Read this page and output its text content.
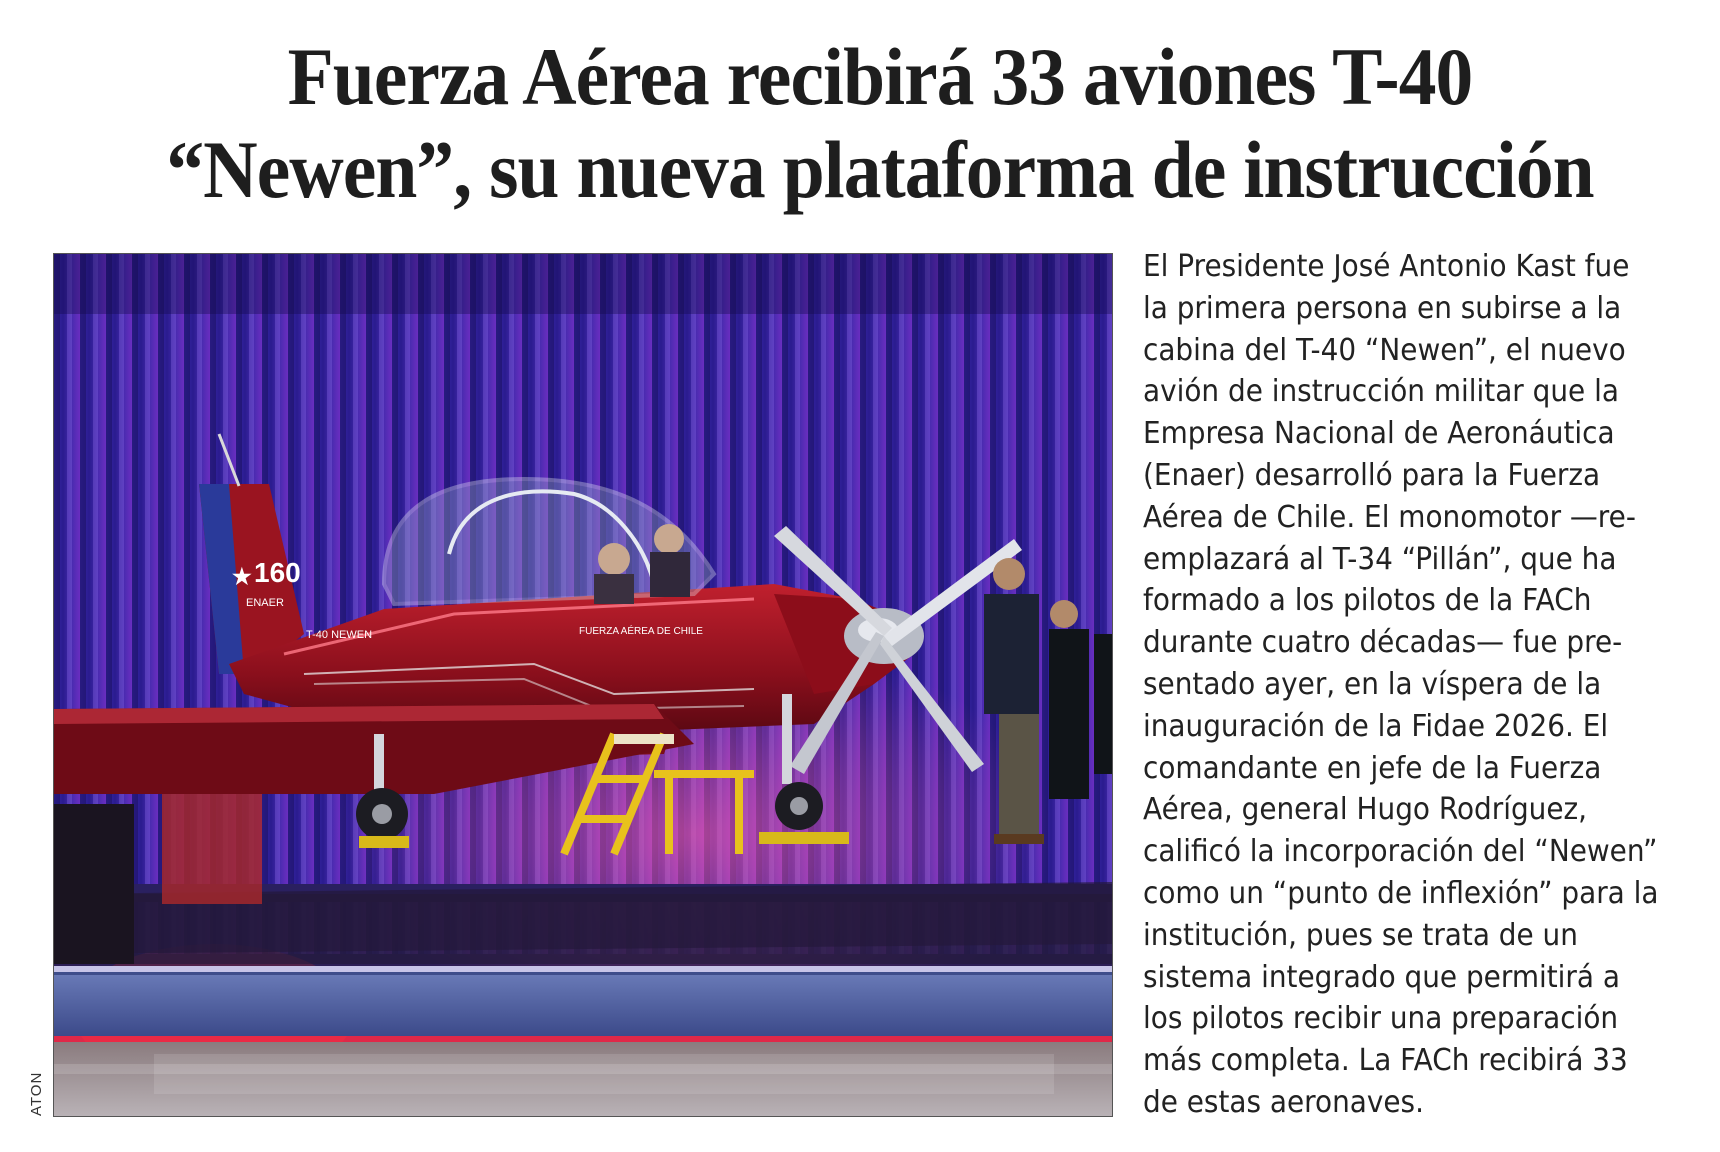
Fuerza Aérea recibirá 33 aviones T-40
“Newen”, su nueva plataforma de instrucción
★ 160
ENAER
T-40 NEWEN	FUERZA AÉREA DE CHILE
ATON
El Presidente José Antonio Kast fue
la primera persona en subirse a la
cabina del T-40 “Newen”, el nuevo
avión de instrucción militar que la
Empresa Nacional de Aeronáutica
(Enaer) desarrolló para la Fuerza
Aérea de Chile. El monomotor —re-
emplazará al T-34 “Pillán”, que ha
formado a los pilotos de la FACh
durante cuatro décadas— fue pre-
sentado ayer, en la víspera de la
inauguración de la Fidae 2026. El
comandante en jefe de la Fuerza
Aérea, general Hugo Rodríguez,
calificó la incorporación del “Newen”
como un “punto de inflexión” para la
institución, pues se trata de un
sistema integrado que permitirá a
los pilotos recibir una preparación
más completa. La FACh recibirá 33
de estas aeronaves.
